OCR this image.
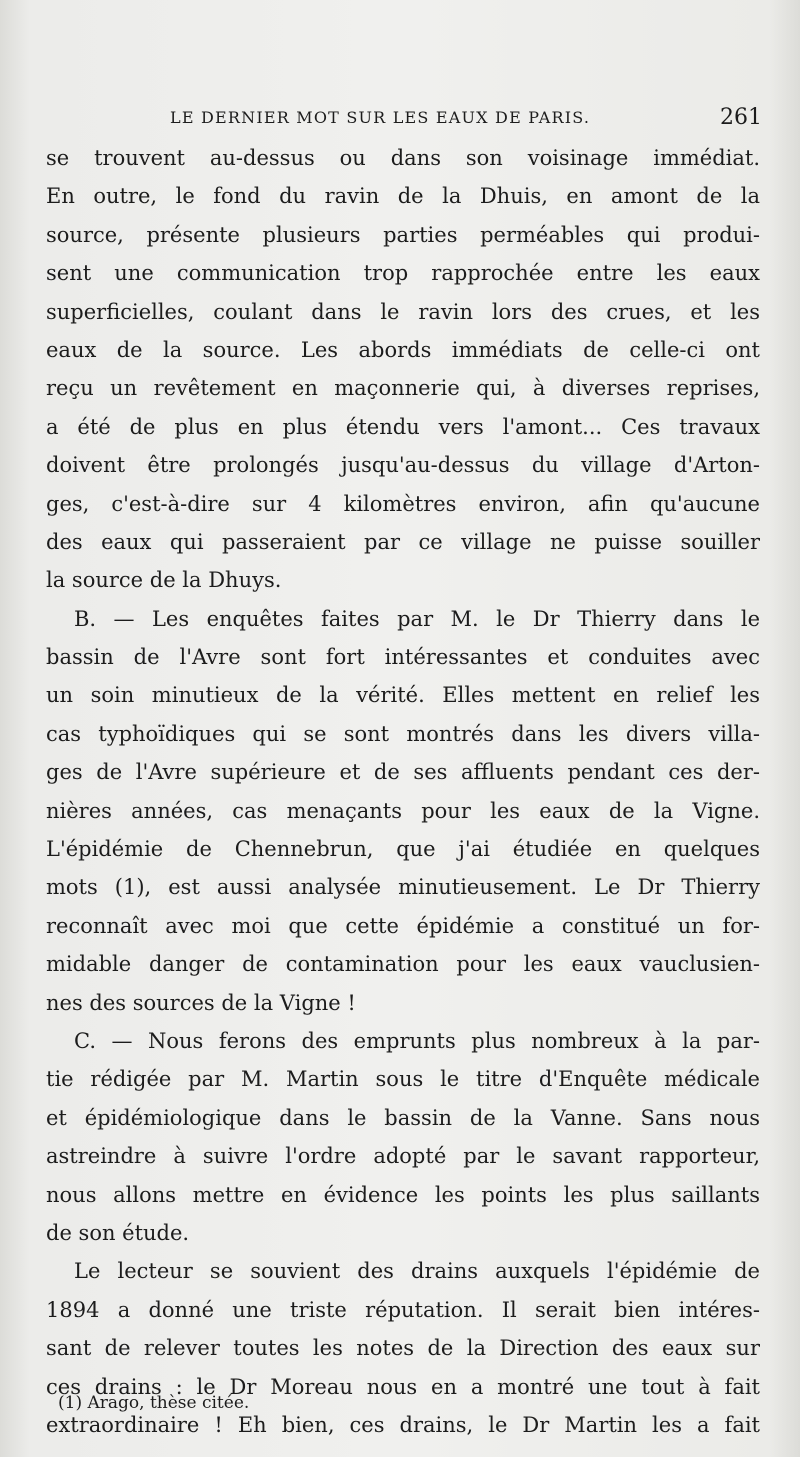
LE DERNIER MOT SUR LES EAUX DE PARIS.	261
se trouvent au-dessus ou dans son voisinage immédiat.
En outre, le fond du ravin de la Dhuis, en amont de la
source, présente plusieurs parties perméables qui produi-
sent une communication trop rapprochée entre les eaux
superficielles, coulant dans le ravin lors des crues, et les
eaux de la source. Les abords immédiats de celle-ci ont
reçu un revêtement en maçonnerie qui, à diverses reprises,
a été de plus en plus étendu vers l'amont... Ces travaux
doivent être prolongés jusqu'au-dessus du village d'Arton-
ges, c'est-à-dire sur 4 kilomètres environ, afin qu'aucune
des eaux qui passeraient par ce village ne puisse souiller
la source de la Dhuys.
B. — Les enquêtes faites par M. le Dr Thierry dans le
bassin de l'Avre sont fort intéressantes et conduites avec
un soin minutieux de la vérité. Elles mettent en relief les
cas typhoïdiques qui se sont montrés dans les divers villa-
ges de l'Avre supérieure et de ses affluents pendant ces der-
nières années, cas menaçants pour les eaux de la Vigne.
L'épidémie de Chennebrun, que j'ai étudiée en quelques
mots (1), est aussi analysée minutieusement. Le Dr Thierry
reconnaît avec moi que cette épidémie a constitué un for-
midable danger de contamination pour les eaux vauclusien-
nes des sources de la Vigne !
C. — Nous ferons des emprunts plus nombreux à la par-
tie rédigée par M. Martin sous le titre d'Enquête médicale
et épidémiologique dans le bassin de la Vanne. Sans nous
astreindre à suivre l'ordre adopté par le savant rapporteur,
nous allons mettre en évidence les points les plus saillants
de son étude.
Le lecteur se souvient des drains auxquels l'épidémie de
1894 a donné une triste réputation. Il serait bien intéres-
sant de relever toutes les notes de la Direction des eaux sur
ces drains : le Dr Moreau nous en a montré une tout à fait
extraordinaire ! Eh bien, ces drains, le Dr Martin les a fait
(1) Arago, thèse citée.
